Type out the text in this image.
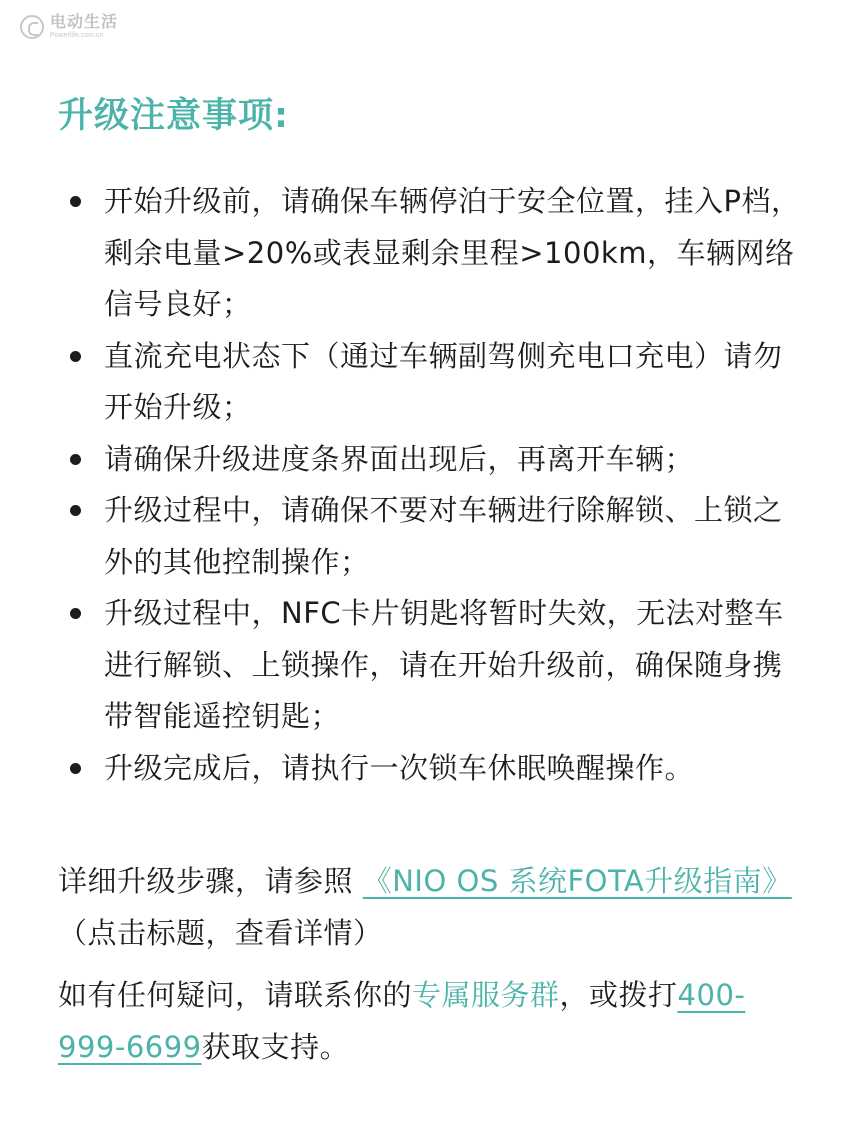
电动生活
Powerlife.com.cn
升级注意事项:
开始升级前，请确保车辆停泊于安全位置，挂入P档，剩余电量>20%或表显剩余里程>100km，车辆网络信号良好；
直流充电状态下（通过车辆副驾侧充电口充电）请勿开始升级；
请确保升级进度条界面出现后，再离开车辆；
升级过程中，请确保不要对车辆进行除解锁、上锁之外的其他控制操作；
升级过程中，NFC卡片钥匙将暂时失效，无法对整车进行解锁、上锁操作，请在开始升级前，确保随身携带智能遥控钥匙；
升级完成后，请执行一次锁车休眠唤醒操作。

详细升级步骤，请参照 《NIO OS 系统FOTA升级指南》（点击标题，查看详情）

如有任何疑问，请联系你的专属服务群，或拨打400-999-6699获取支持。
